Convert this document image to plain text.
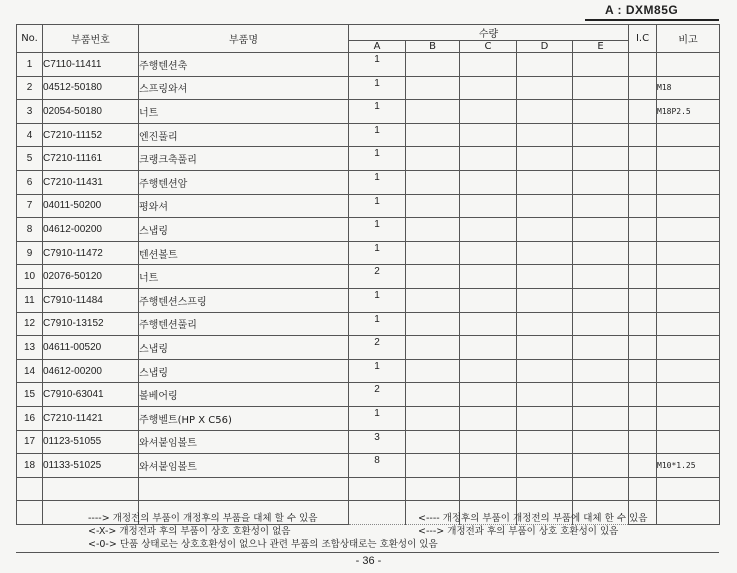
A : DXM85G
No.	부품번호	부품명	수량					I.C	비고
			A	B	C	D	E		
1	C7110-11411	주행텐션축	1						

2	04512-50180	스프링와셔	1						M18
3	02054-50180	너트	1						M18P2.5
4	C7210-11152	엔진풀리	1						

5	C7210-11161	크랭크축풀리	1						

6	C7210-11431	주행텐션암	1						

7	04011-50200	평와셔	1						

8	04612-00200	스냅링	1						

9	C7910-11472	텐션볼트	1						

10	02076-50120	너트	2						

11	C7910-11484	주행텐션스프링	1						

12	C7910-13152	주행텐션풀리	1						

13	04611-00520	스냅링	2						

14	04612-00200	스냅링	1						

15	C7910-63041	볼베어링	2						

16	C7210-11421	주행벨트(HP X C56)	1						

17	01123-51055	와셔붙임볼트	3						

18	01133-51025	와셔붙임볼트	8						M10*1.25

----> 개정전의 부품이 개정후의 부품을 대체 할 수 있음	<---- 개정후의 부품이 개정전의 부품에 대체 한 수 있음
<-X-> 개정전과 후의 부품이 상호 호환성이 없음	<---> 개정전과 후의 부품이 상호 호환성이 있음
<-0-> 단품 상태로는 상호호환성이 없으나 관련 부품의 조합상태로는 호환성이 있음
- 36 -
